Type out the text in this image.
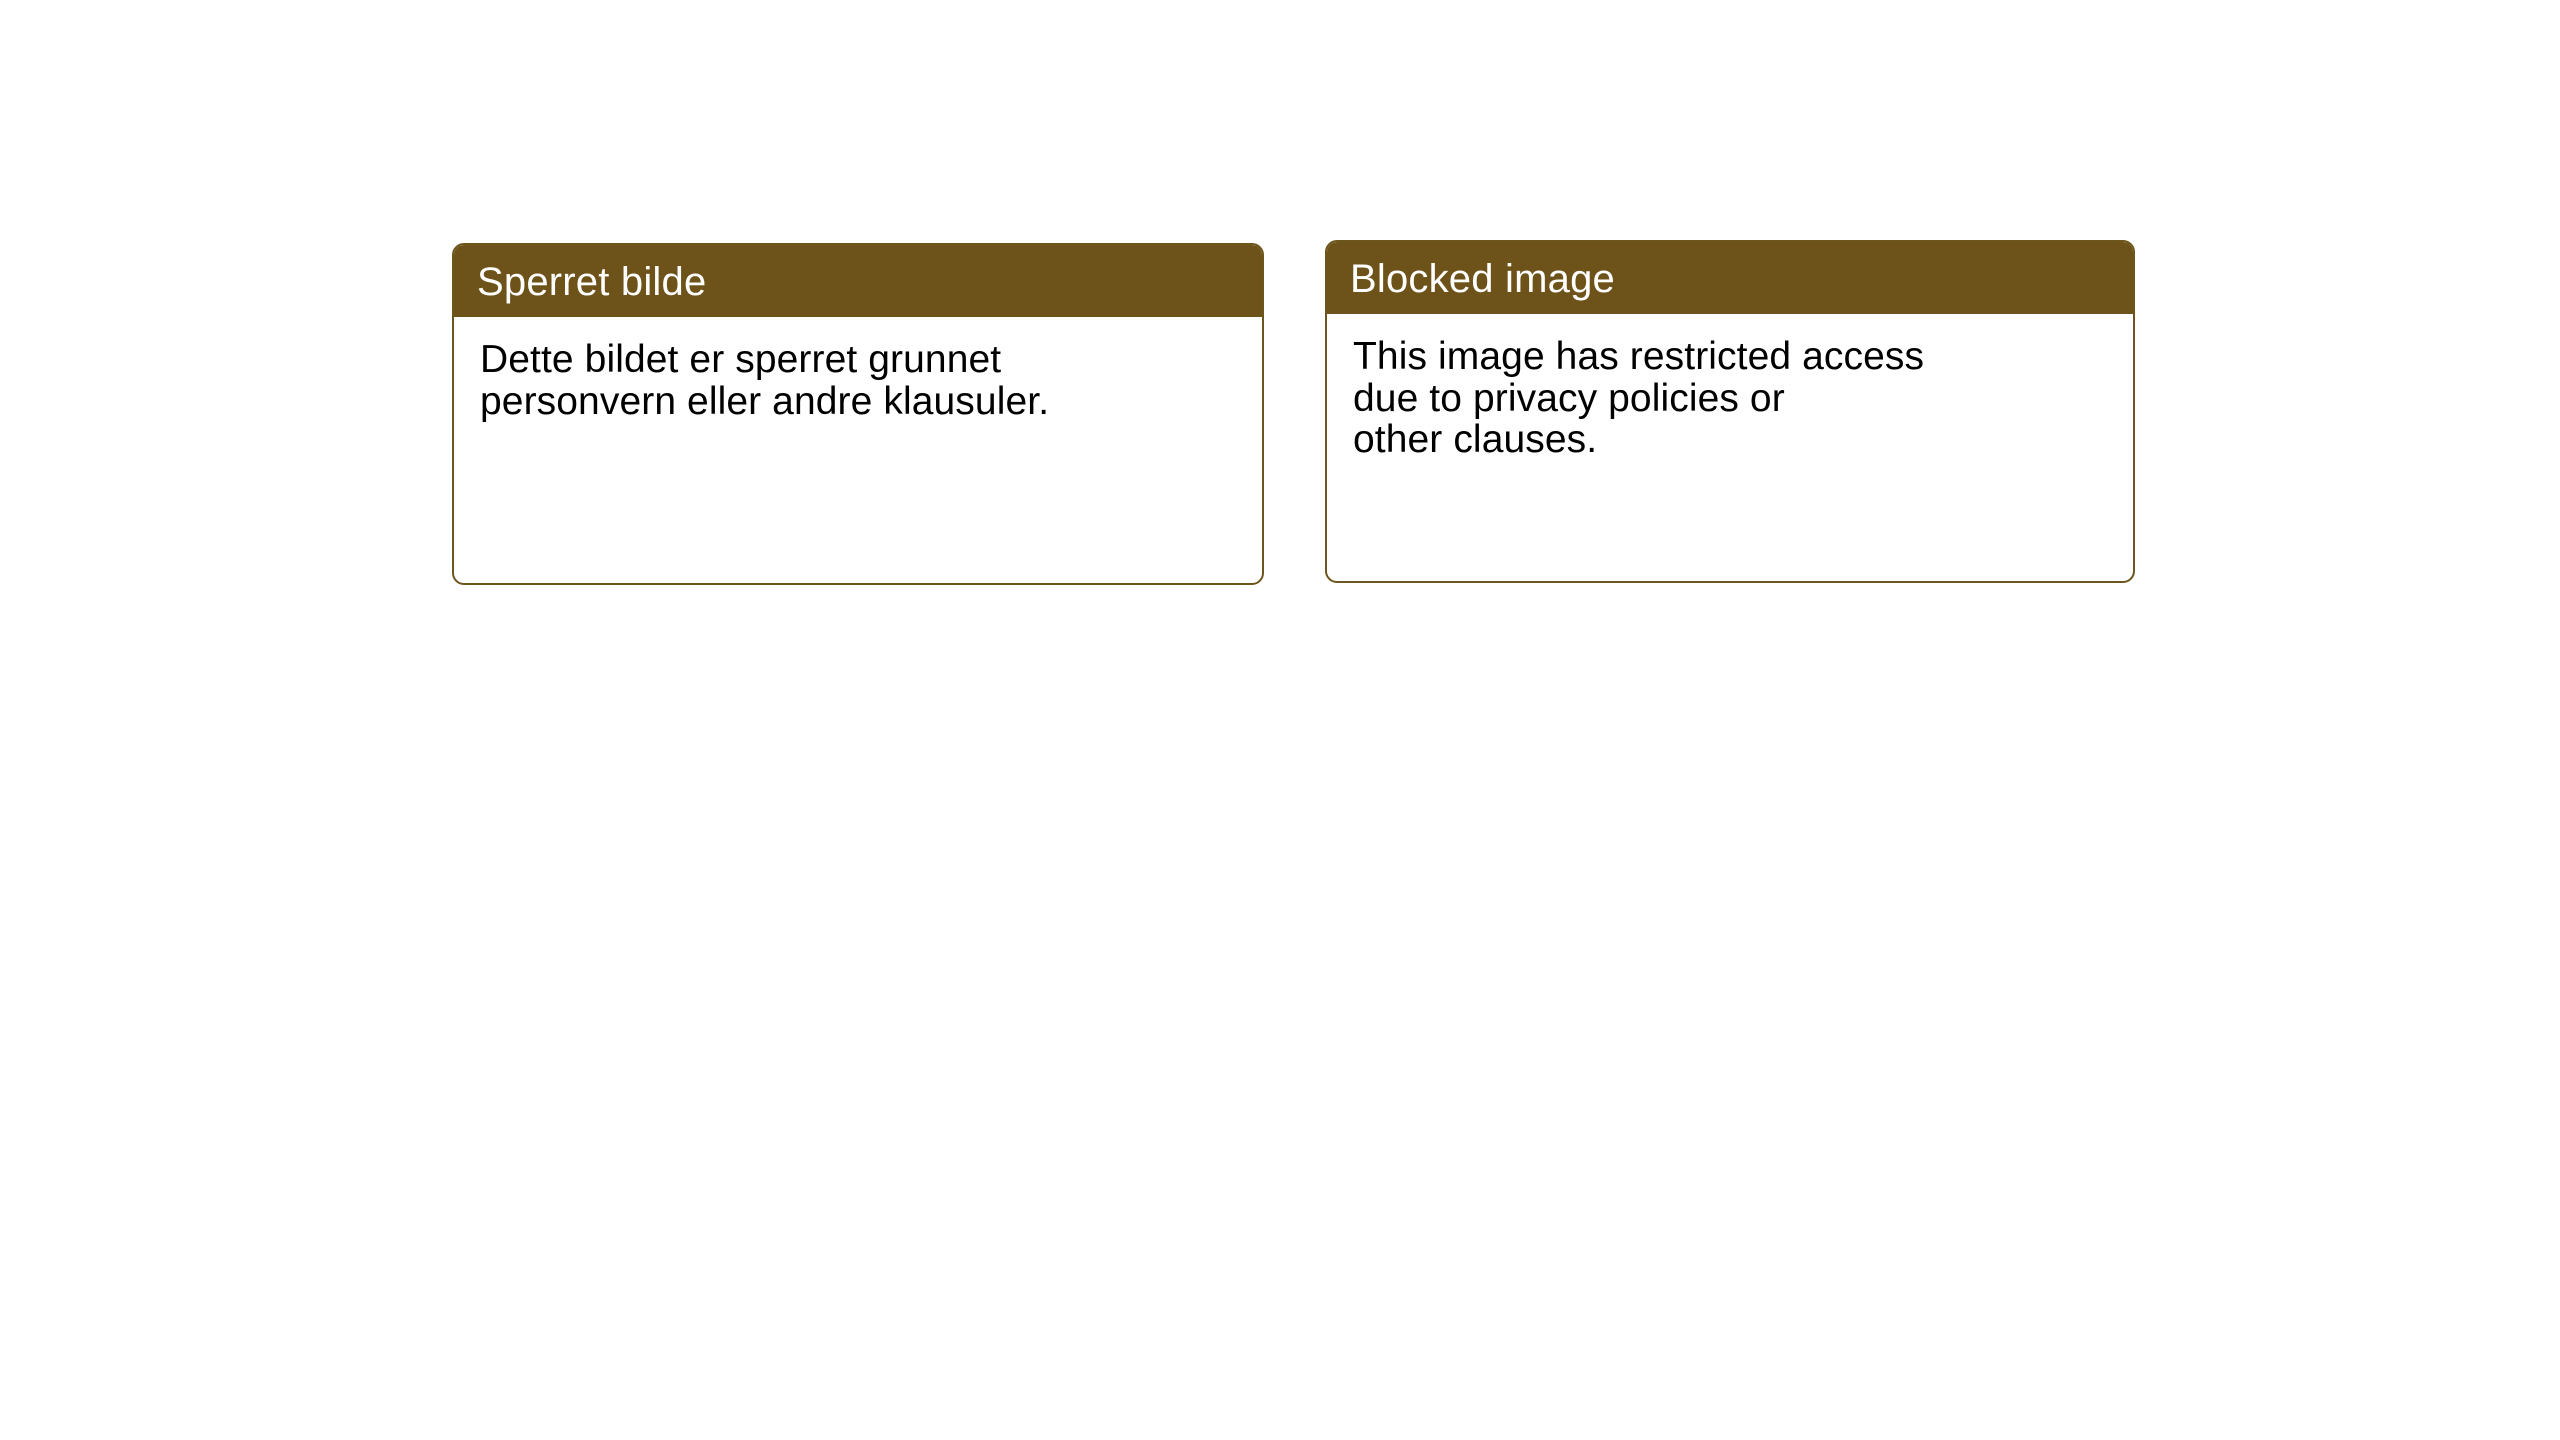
Sperret bilde
Dette bildet er sperret grunnet
personvern eller andre klausuler.
Blocked image
This image has restricted access
due to privacy policies or
other clauses.
